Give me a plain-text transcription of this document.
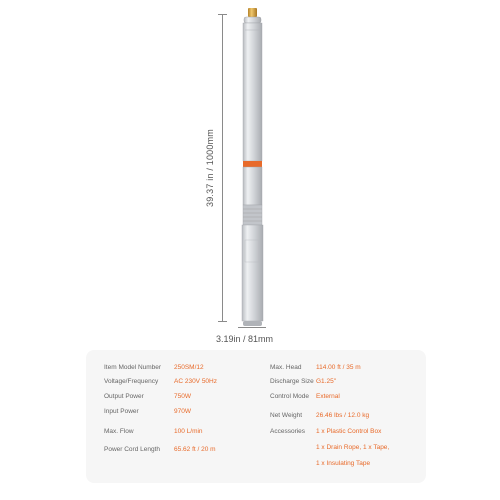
39.37 in / 1000mm
3.19in / 81mm
Item Model Number 250SM/12
Voltage/Frequency AC 230V 50Hz
Output Power	750W
Input Power	970W
Max. Flow	100 L/min
Power Cord Length 65.62 ft / 20 m
Max. Head 114.00 ft / 35 m
Discharge Size G1.25"
Control Mode External
Net Weight 26.46 lbs / 12.0 kg
Accessories 1 x Plastic Control Box
1 x Drain Rope, 1 x Tape,
1 x Insulating Tape
